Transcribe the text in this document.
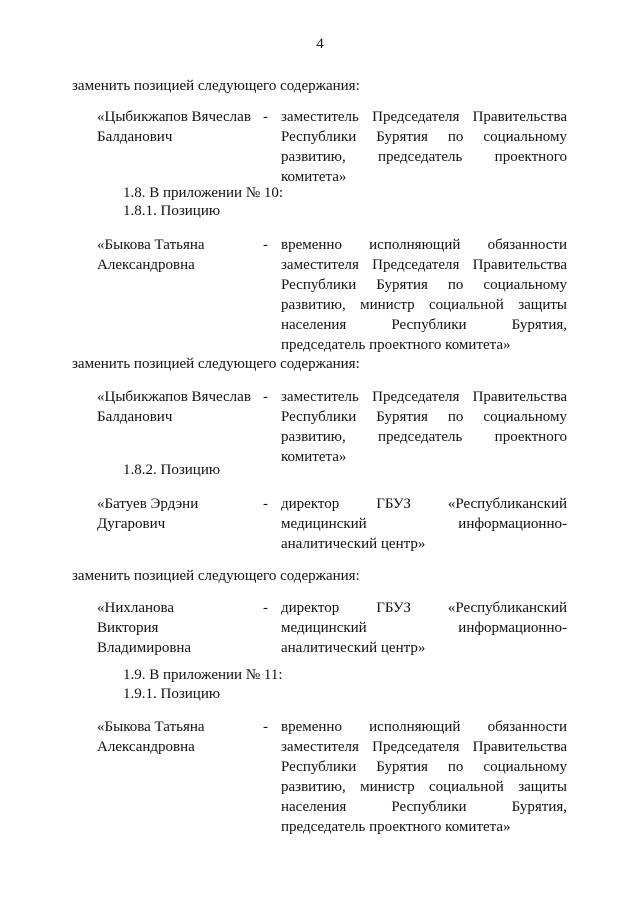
4
заменить позицией следующего содержания:
«Цыбикжапов Вячеслав Балданович
- заместитель Председателя Правительства Республики Бурятия по социальному развитию, председатель проектного комитета»
1.8. В приложении № 10:
1.8.1. Позицию
«Быкова Татьяна Александровна
- временно исполняющий обязанности заместителя Председателя Правительства Республики Бурятия по социальному развитию, министр социальной защиты населения Республики Бурятия, председатель проектного комитета»
заменить позицией следующего содержания:
«Цыбикжапов Вячеслав Балданович
- заместитель Председателя Правительства Республики Бурятия по социальному развитию, председатель проектного комитета»
1.8.2. Позицию
«Батуев Эрдэни Дугарович
- директор ГБУЗ «Республиканский медицинский информационно-аналитический центр»
заменить позицией следующего содержания:
«Нихланова Виктория Владимировна
- директор ГБУЗ «Республиканский медицинский информационно-аналитический центр»
1.9. В приложении № 11:
1.9.1. Позицию
«Быкова Татьяна Александровна
- временно исполняющий обязанности заместителя Председателя Правительства Республики Бурятия по социальному развитию, министр социальной защиты населения Республики Бурятия, председатель проектного комитета»
